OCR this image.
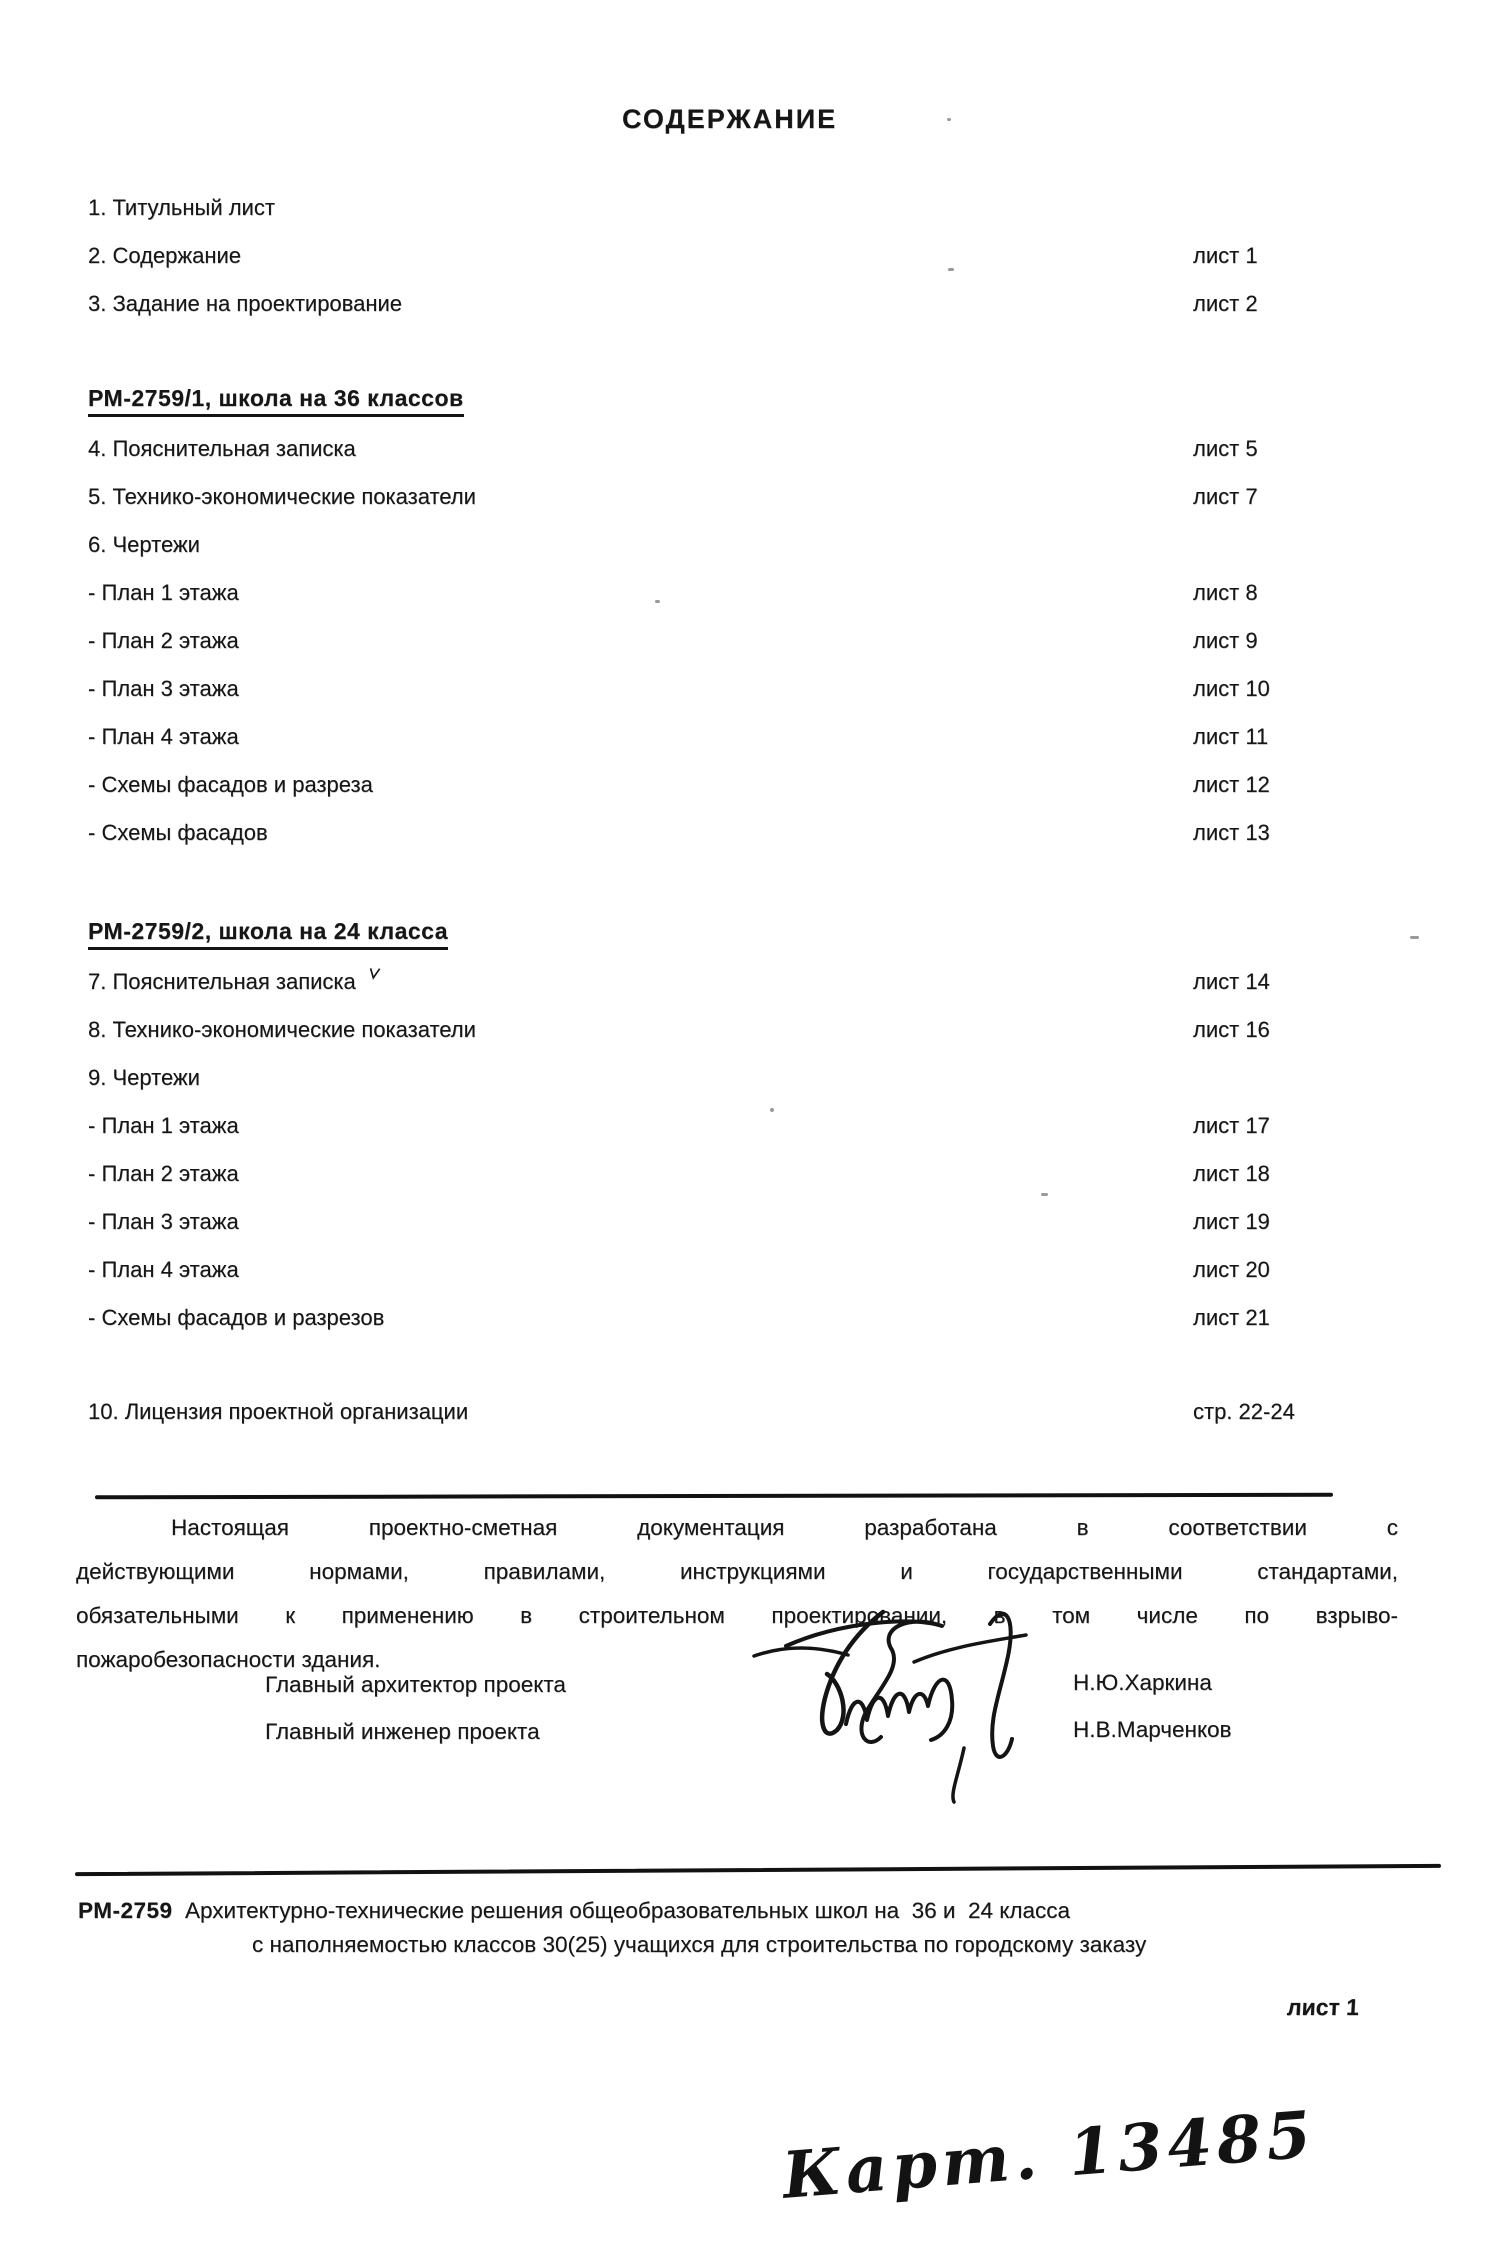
СОДЕРЖАНИЕ
1. Титульный лист
2. Содержание	лист 1
3. Задание на проектирование	лист 2
РМ-2759/1, школа на 36 классов
4. Пояснительная записка	лист 5
5. Технико-экономические показатели	лист 7
6. Чертежи
- План 1 этажа	лист 8
- План 2 этажа	лист 9
- План 3 этажа	лист 10
- План 4 этажа	лист 11
- Схемы фасадов и разреза	лист 12
- Схемы фасадов	лист 13
РМ-2759/2, школа на 24 класса
7. Пояснительная записка	лист 14
8. Технико-экономические показатели	лист 16
9. Чертежи
- План 1 этажа	лист 17
- План 2 этажа	лист 18
- План 3 этажа	лист 19
- План 4 этажа	лист 20
- Схемы фасадов и разрезов	лист 21
10. Лицензия проектной организации	стр. 22-24
Настоящая проектно-сметная документация разработана в соответствии с
действующими нормами, правилами, инструкциями и государственными стандартами,
обязательными к применению в строительном проектировании, в том числе по взрыво-
пожаробезопасности здания.
Главный архитектор проекта	Н.Ю.Харкина
Главный инженер проекта	Н.В.Марченков
РМ-2759  Архитектурно-технические решения общеобразовательных школ на  36 и  24 класса
с наполняемостью классов 30(25) учащихся для строительства по городскому заказу
лист 1
Карт. 13485
